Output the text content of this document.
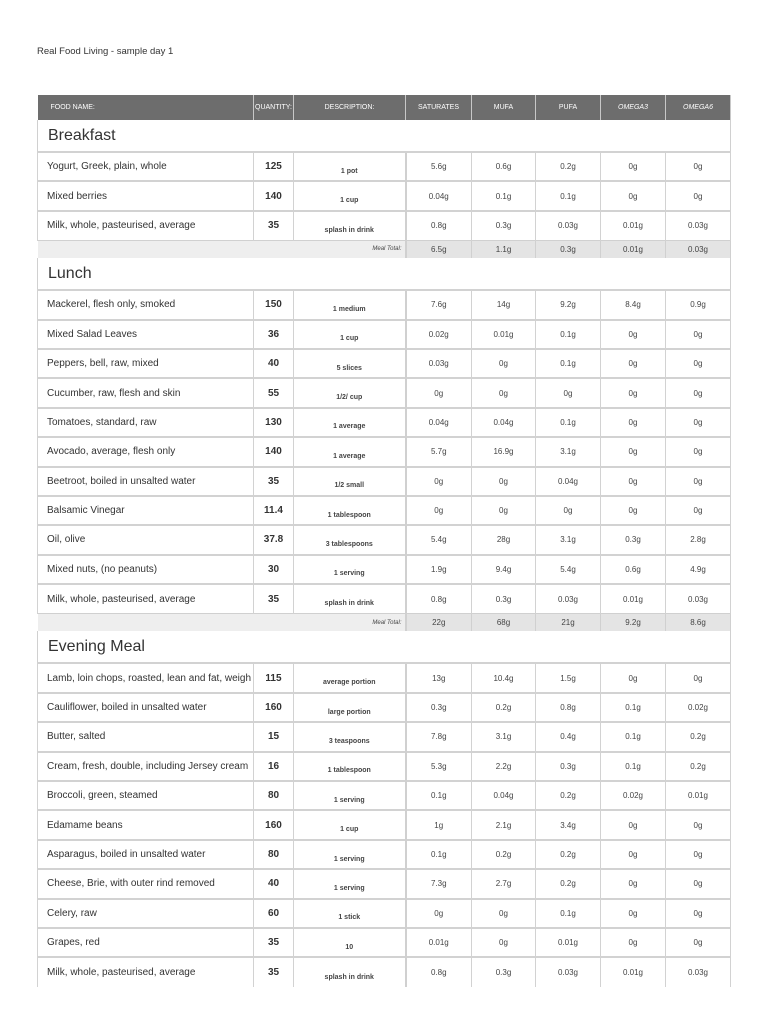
Real Food Living - sample day 1
FOOD NAME:	QUANTITY:	DESCRIPTION:	SATURATES	MUFA	PUFA	OMEGA3	OMEGA6
Breakfast							
Yogurt, Greek, plain, whole	125	1 pot	5.6g	0.6g	0.2g	0g	0g
Mixed berries	140	1 cup	0.04g	0.1g	0.1g	0g	0g
Milk, whole, pasteurised, average	35	splash in drink	0.8g	0.3g	0.03g	0.01g	0.03g
Meal Total:			6.5g	1.1g	0.3g	0.01g	0.03g
Lunch							
Mackerel, flesh only, smoked	150	1 medium	7.6g	14g	9.2g	8.4g	0.9g
Mixed Salad Leaves	36	1 cup	0.02g	0.01g	0.1g	0g	0g
Peppers, bell, raw, mixed	40	5 slices	0.03g	0g	0.1g	0g	0g
Cucumber, raw, flesh and skin	55	1/2/ cup	0g	0g	0g	0g	0g
Tomatoes, standard, raw	130	1 average	0.04g	0.04g	0.1g	0g	0g
Avocado, average, flesh only	140	1 average	5.7g	16.9g	3.1g	0g	0g
Beetroot, boiled in unsalted water	35	1/2 small	0g	0g	0.04g	0g	0g
Balsamic Vinegar	11.4	1 tablespoon	0g	0g	0g	0g	0g
Oil, olive	37.8	3 tablespoons	5.4g	28g	3.1g	0.3g	2.8g
Mixed nuts, (no peanuts)	30	1 serving	1.9g	9.4g	5.4g	0.6g	4.9g
Milk, whole, pasteurised, average	35	splash in drink	0.8g	0.3g	0.03g	0.01g	0.03g
Meal Total:			22g	68g	21g	9.2g	8.6g
Evening Meal							
Lamb, loin chops, roasted, lean and fat, weigh	115	average portion	13g	10.4g	1.5g	0g	0g
Cauliflower, boiled in unsalted water	160	large portion	0.3g	0.2g	0.8g	0.1g	0.02g
Butter, salted	15	3 teaspoons	7.8g	3.1g	0.4g	0.1g	0.2g
Cream, fresh, double, including Jersey cream	16	1 tablespoon	5.3g	2.2g	0.3g	0.1g	0.2g
Broccoli, green, steamed	80	1 serving	0.1g	0.04g	0.2g	0.02g	0.01g
Edamame beans	160	1 cup	1g	2.1g	3.4g	0g	0g
Asparagus, boiled in unsalted water	80	1 serving	0.1g	0.2g	0.2g	0g	0g
Cheese, Brie, with outer rind removed	40	1 serving	7.3g	2.7g	0.2g	0g	0g
Celery, raw	60	1 stick	0g	0g	0.1g	0g	0g
Grapes, red	35	10	0.01g	0g	0.01g	0g	0g
Milk, whole, pasteurised, average	35	splash in drink	0.8g	0.3g	0.03g	0.01g	0.03g
